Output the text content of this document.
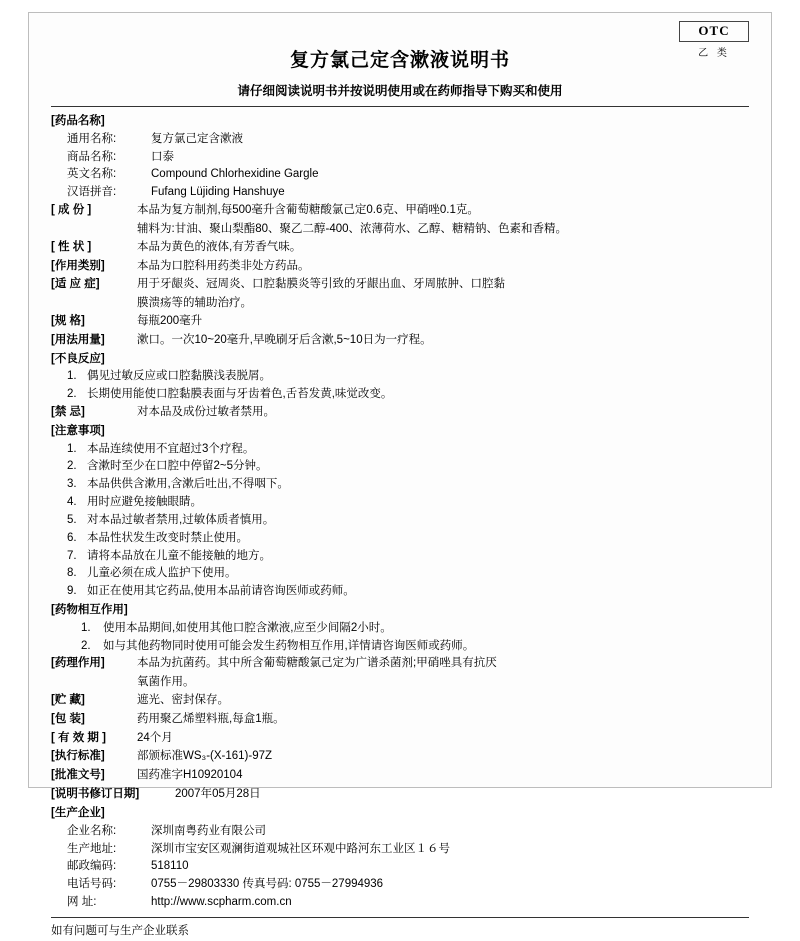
OTC
乙 类
复方氯己定含漱液说明书
请仔细阅读说明书并按说明使用或在药师指导下购买和使用
[药品名称]
通用名称:	复方氯己定含漱液
商品名称:	口泰
英文名称:	Compound Chlorhexidine Gargle
汉语拼音:	Fufang Lüjiding Hanshuye
[ 成 份 ]	本品为复方制剂,每500毫升含葡萄糖酸氯己定0.6克、甲硝唑0.1克。
辅料为:甘油、聚山梨酯80、聚乙二醇-400、浓薄荷水、乙醇、糖精钠、色素和香精。
[ 性 状 ]	本品为黄色的液体,有芳香气味。
[作用类别]	本品为口腔科用药类非处方药品。
[适 应 症]	用于牙龈炎、冠周炎、口腔黏膜炎等引致的牙龈出血、牙周脓肿、口腔黏
膜溃疡等的辅助治疗。
[规 格]	每瓶200毫升
[用法用量]	漱口。一次10~20毫升,早晚刷牙后含漱,5~10日为一疗程。
[不良反应]
1. 偶见过敏反应或口腔黏膜浅表脱屑。
2. 长期使用能使口腔黏膜表面与牙齿着色,舌苔发黄,味觉改变。
[禁 忌]	对本品及成份过敏者禁用。
[注意事项]
1. 本品连续使用不宜超过3个疗程。
2. 含漱时至少在口腔中停留2~5分钟。
3. 本品供供含漱用,含漱后吐出,不得咽下。
4. 用时应避免接触眼睛。
5. 对本品过敏者禁用,过敏体质者慎用。
6. 本品性状发生改变时禁止使用。
7. 请将本品放在儿童不能接触的地方。
8. 儿童必须在成人监护下使用。
9. 如正在使用其它药品,使用本品前请咨询医师或药师。
[药物相互作用]
1.	使用本品期间,如使用其他口腔含漱液,应至少间隔2小时。
2.	如与其他药物同时使用可能会发生药物相互作用,详情请咨询医师或药师。
[药理作用]	本品为抗菌药。其中所含葡萄糖酸氯己定为广谱杀菌剂;甲硝唑具有抗厌
氧菌作用。
[贮 藏]	遮光、密封保存。
[包 装]	药用聚乙烯塑料瓶,每盒1瓶。
[ 有 效 期 ]	24个月
[执行标准]	部颁标准WS₃-(X-161)-97Z
[批准文号]	国药准字H10920104
[说明书修订日期]	2007年05月28日
[生产企业]
企业名称:	深圳南粤药业有限公司
生产地址:	深圳市宝安区观澜街道观城社区环观中路河东工业区１６号
邮政编码:	518110
电话号码:	0755－29803330 传真号码: 0755－27994936
网 址:	http://www.scpharm.com.cn
如有问题可与生产企业联系
